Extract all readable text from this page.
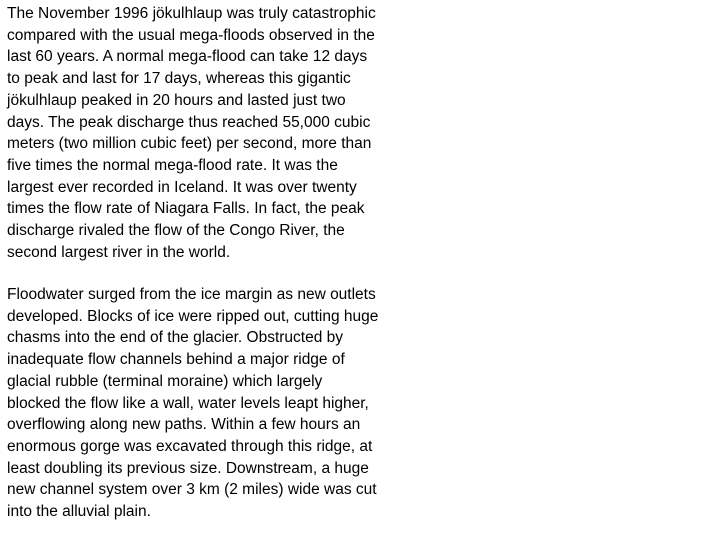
The November 1996 jökulhlaup was truly catastrophic
compared with the usual mega-floods observed in the
last 60 years. A normal mega-flood can take 12 days
to peak and last for 17 days, whereas this gigantic
jökulhlaup peaked in 20 hours and lasted just two
days. The peak discharge thus reached 55,000 cubic
meters (two million cubic feet) per second, more than
five times the normal mega-flood rate. It was the
largest ever recorded in Iceland. It was over twenty
times the flow rate of Niagara Falls. In fact, the peak
discharge rivaled the flow of the Congo River, the
second largest river in the world.

Floodwater surged from the ice margin as new outlets
developed. Blocks of ice were ripped out, cutting huge
chasms into the end of the glacier. Obstructed by
inadequate flow channels behind a major ridge of
glacial rubble (terminal moraine) which largely
blocked the flow like a wall, water levels leapt higher,
overflowing along new paths. Within a few hours an
enormous gorge was excavated through this ridge, at
least doubling its previous size. Downstream, a huge
new channel system over 3 km (2 miles) wide was cut
into the alluvial plain.
